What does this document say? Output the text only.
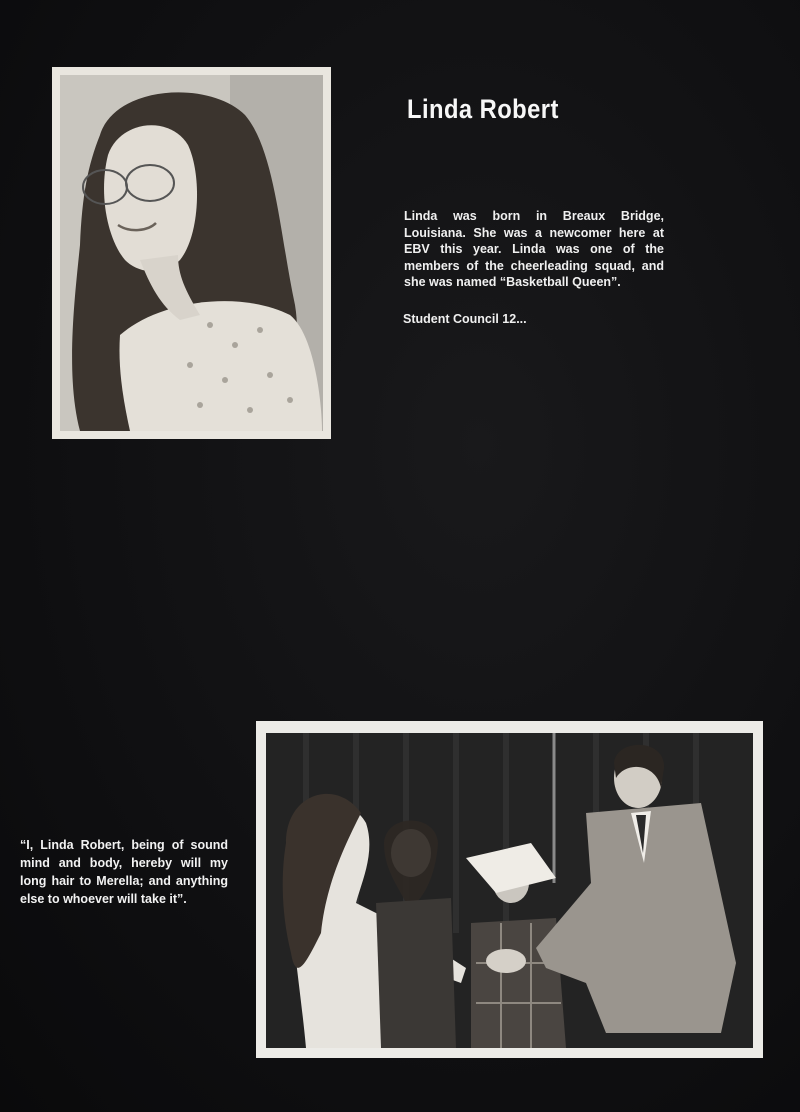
Linda Robert
Linda was born in Breaux Bridge, Louisiana. She was a newcomer here at EBV this year. Linda was one of the members of the cheerleading squad, and she was named “Basketball Queen”.
Student Council 12...
“I, Linda Robert, being of sound mind and body, hereby will my long hair to Merella; and anything else to whoever will take it”.
